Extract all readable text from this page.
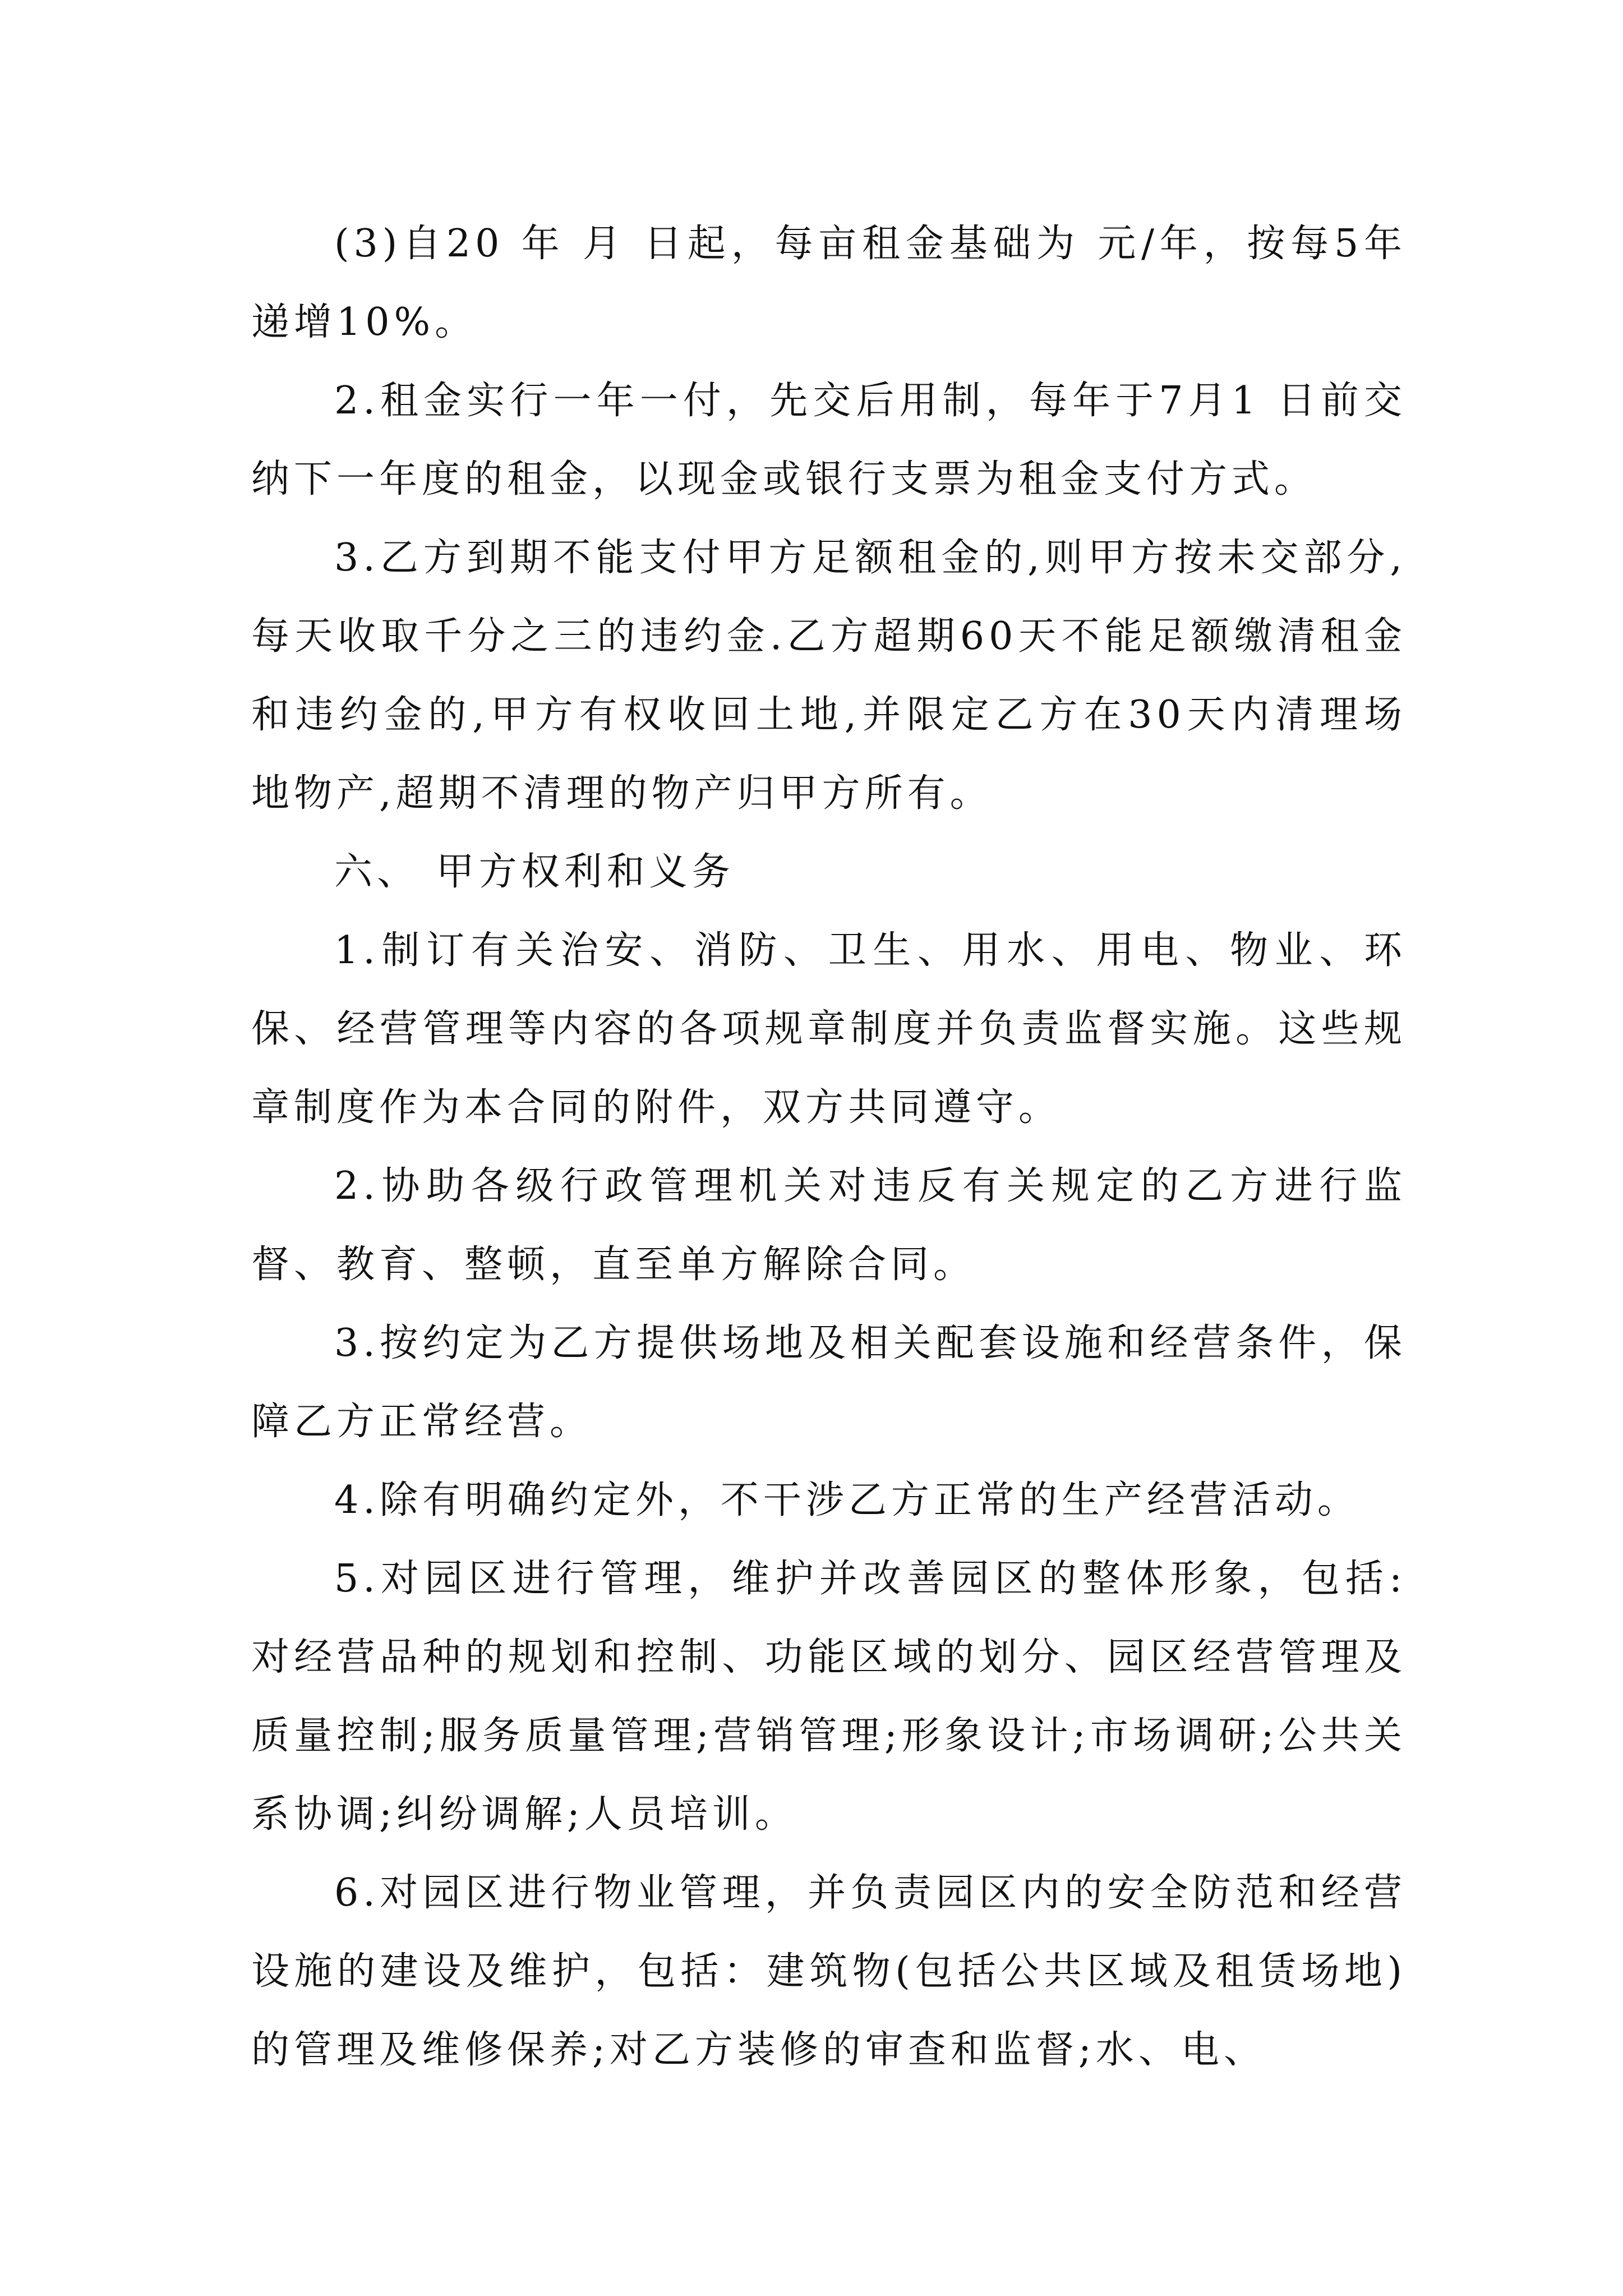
(3)自20 年 月 日起，每亩租金基础为 元/年，按每5年递增10%。

2.租金实行一年一付，先交后用制，每年于7月1 日前交纳下一年度的租金，以现金或银行支票为租金支付方式。

3.乙方到期不能支付甲方足额租金的,则甲方按未交部分,每天收取千分之三的违约金.乙方超期60天不能足额缴清租金和违约金的,甲方有权收回土地,并限定乙方在30天内清理场地物产,超期不清理的物产归甲方所有。

六、 甲方权利和义务

1.制订有关治安、消防、卫生、用水、用电、物业、环保、经营管理等内容的各项规章制度并负责监督实施。这些规章制度作为本合同的附件，双方共同遵守。

2.协助各级行政管理机关对违反有关规定的乙方进行监督、教育、整顿，直至单方解除合同。

3.按约定为乙方提供场地及相关配套设施和经营条件，保障乙方正常经营。

4.除有明确约定外，不干涉乙方正常的生产经营活动。

5.对园区进行管理，维护并改善园区的整体形象，包括:对经营品种的规划和控制、功能区域的划分、园区经营管理及质量控制;服务质量管理;营销管理;形象设计;市场调研;公共关系协调;纠纷调解;人员培训。

6.对园区进行物业管理，并负责园区内的安全防范和经营设施的建设及维护，包括：建筑物(包括公共区域及租赁场地)的管理及维修保养;对乙方装修的审查和监督;水、电、
